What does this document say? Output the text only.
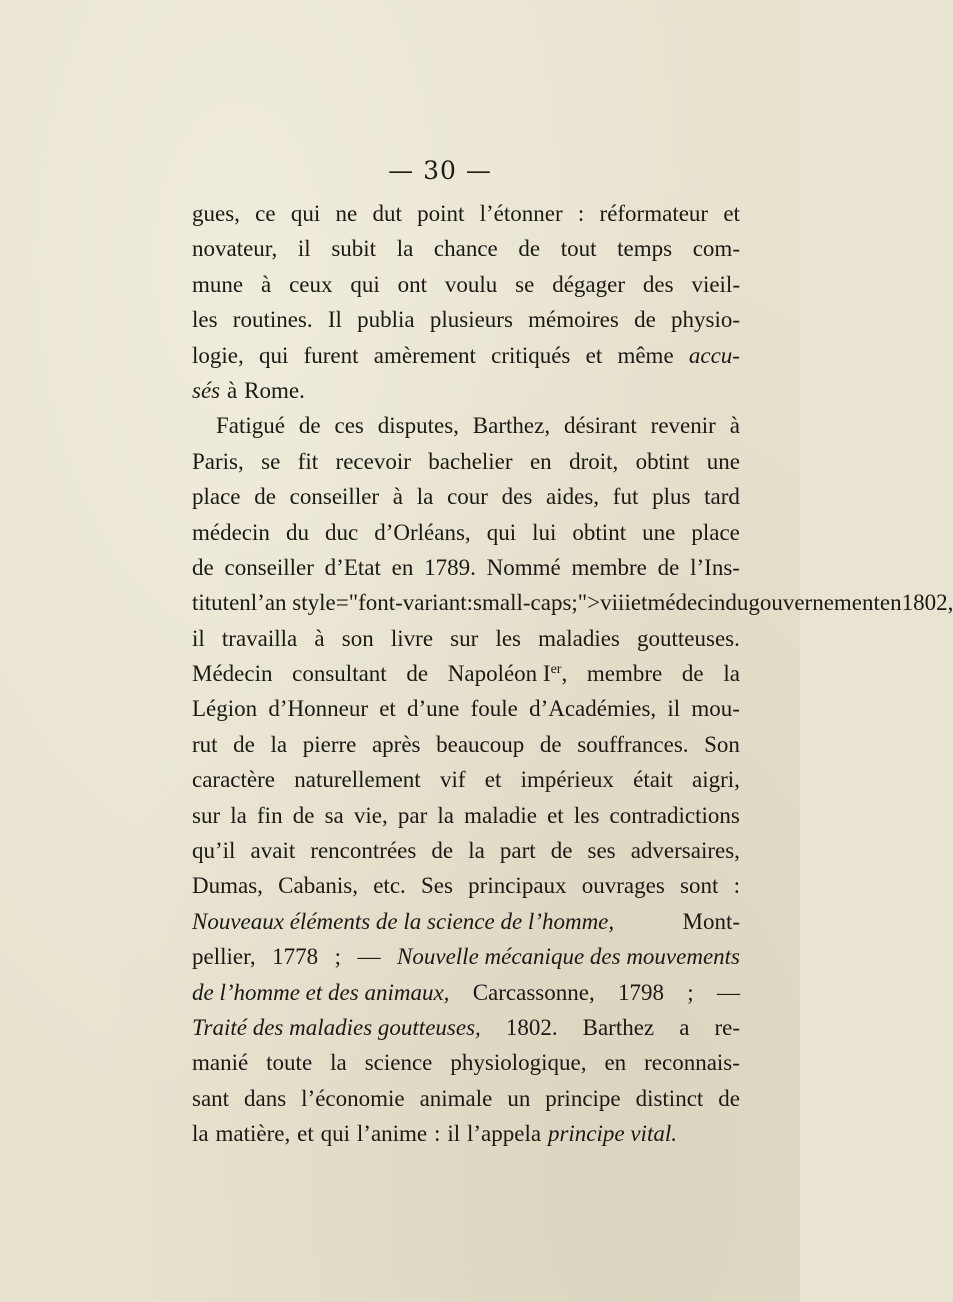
— 30 —
gues, ce qui ne dut point l’étonner : réformateur et
novateur, il subit la chance de tout temps com-
mune à ceux qui ont voulu se dégager des vieil-
les routines. Il publia plusieurs mémoires de physio-
logie, qui furent amèrement critiqués et même accu-
sés à Rome.
Fatigué de ces disputes, Barthez, désirant revenir à
Paris, se fit recevoir bachelier en droit, obtint une
place de conseiller à la cour des aides, fut plus tard
médecin du duc d’Orléans, qui lui obtint une place
de conseiller d’Etat en 1789. Nommé membre de l’Ins-
titut en l’an style="font-variant:small-caps;">viii et médecin du gouvernement en 1802,
il travailla à son livre sur les maladies goutteuses.
Médecin consultant de Napoléon Ier, membre de la
Légion d’Honneur et d’une foule d’Académies, il mou-
rut de la pierre après beaucoup de souffrances. Son
caractère naturellement vif et impérieux était aigri,
sur la fin de sa vie, par la maladie et les contradictions
qu’il avait rencontrées de la part de ses adversaires,
Dumas, Cabanis, etc. Ses principaux ouvrages sont :
Nouveaux éléments de la science de l’homme,	Mont-
pellier, 1778 ; — Nouvelle mécanique des mouvements
de l’homme et des animaux, Carcassonne, 1798 ; —
Traité des maladies goutteuses, 1802. Barthez a re-
manié toute la science physiologique, en reconnais-
sant dans l’économie animale un principe distinct de
la matière, et qui l’anime : il l’appela principe vital.
